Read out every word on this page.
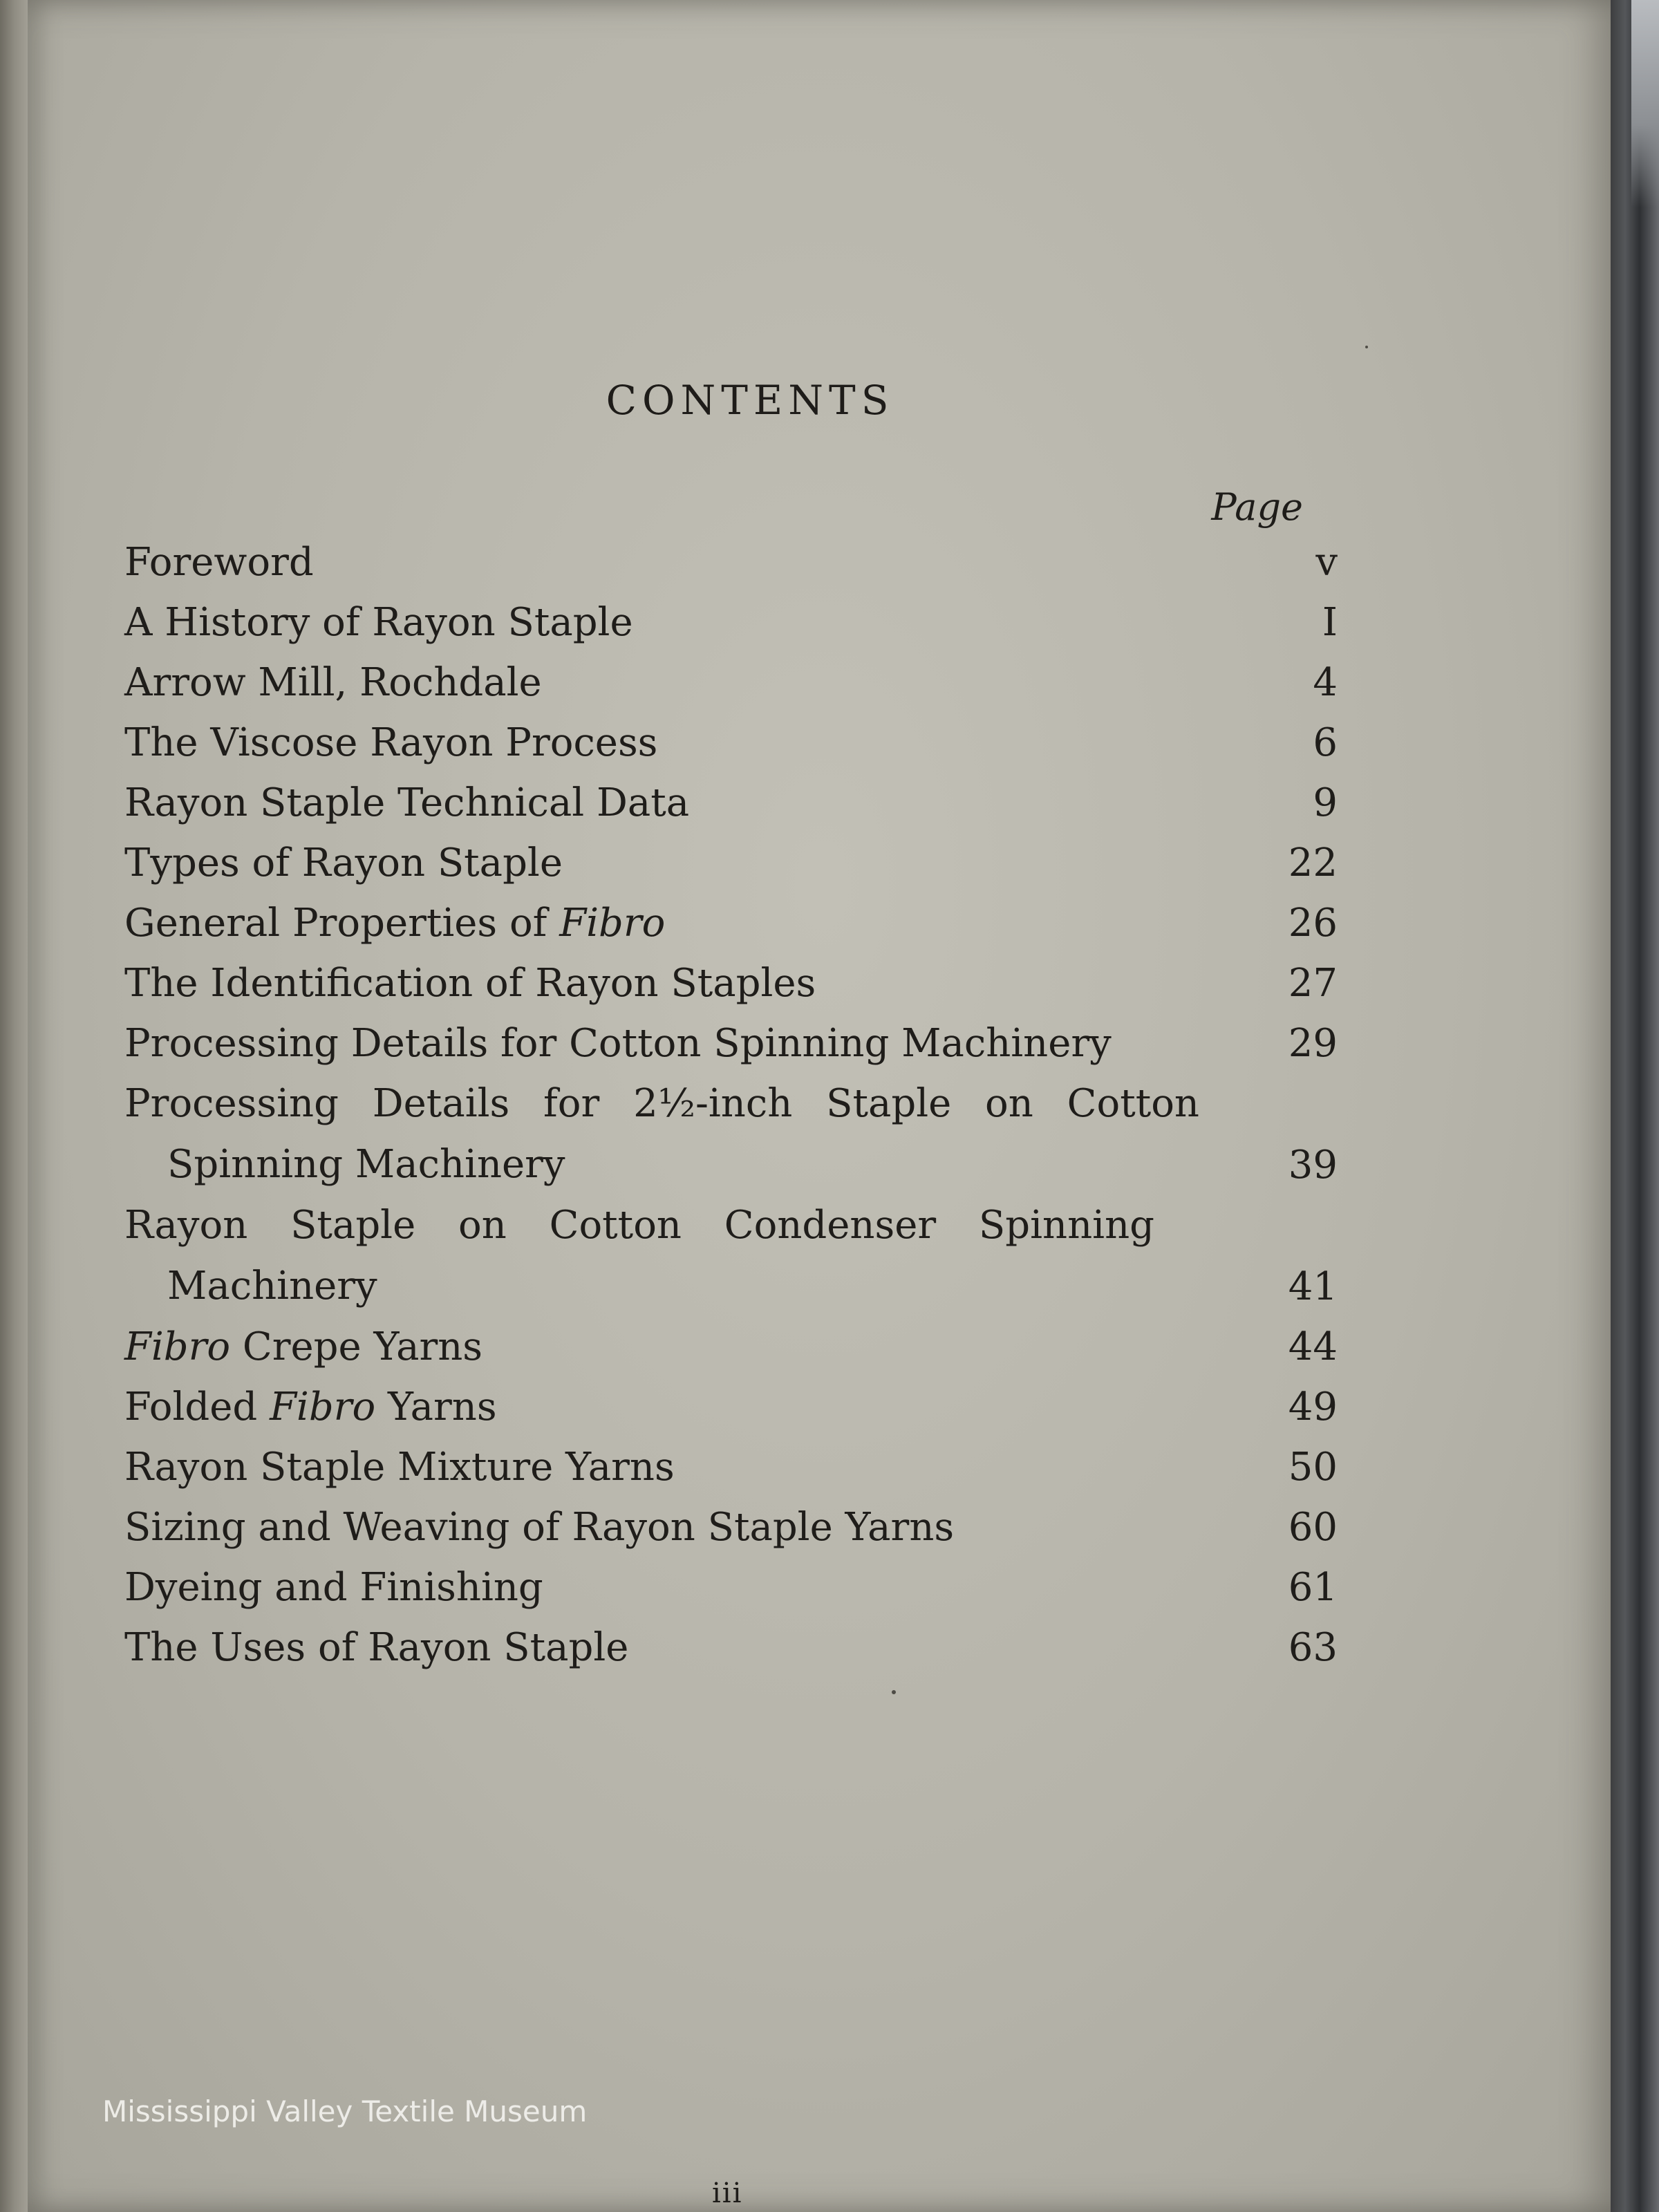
CONTENTS
Page
Foreword	v
A History of Rayon Staple	I
Arrow Mill, Rochdale	4
The Viscose Rayon Process	6
Rayon Staple Technical Data	9
Types of Rayon Staple	22
General Properties of Fibro	26
The Identification of Rayon Staples	27
Processing Details for Cotton Spinning Machinery	29
Processing Details for 2½-inch Staple on Cotton
Spinning Machinery	39
Rayon Staple on Cotton Condenser Spinning
Machinery	41
Fibro Crepe Yarns	44
Folded Fibro Yarns	49
Rayon Staple Mixture Yarns	50
Sizing and Weaving of Rayon Staple Yarns	60
Dyeing and Finishing	61
The Uses of Rayon Staple	63
Mississippi Valley Textile Museum
iii
